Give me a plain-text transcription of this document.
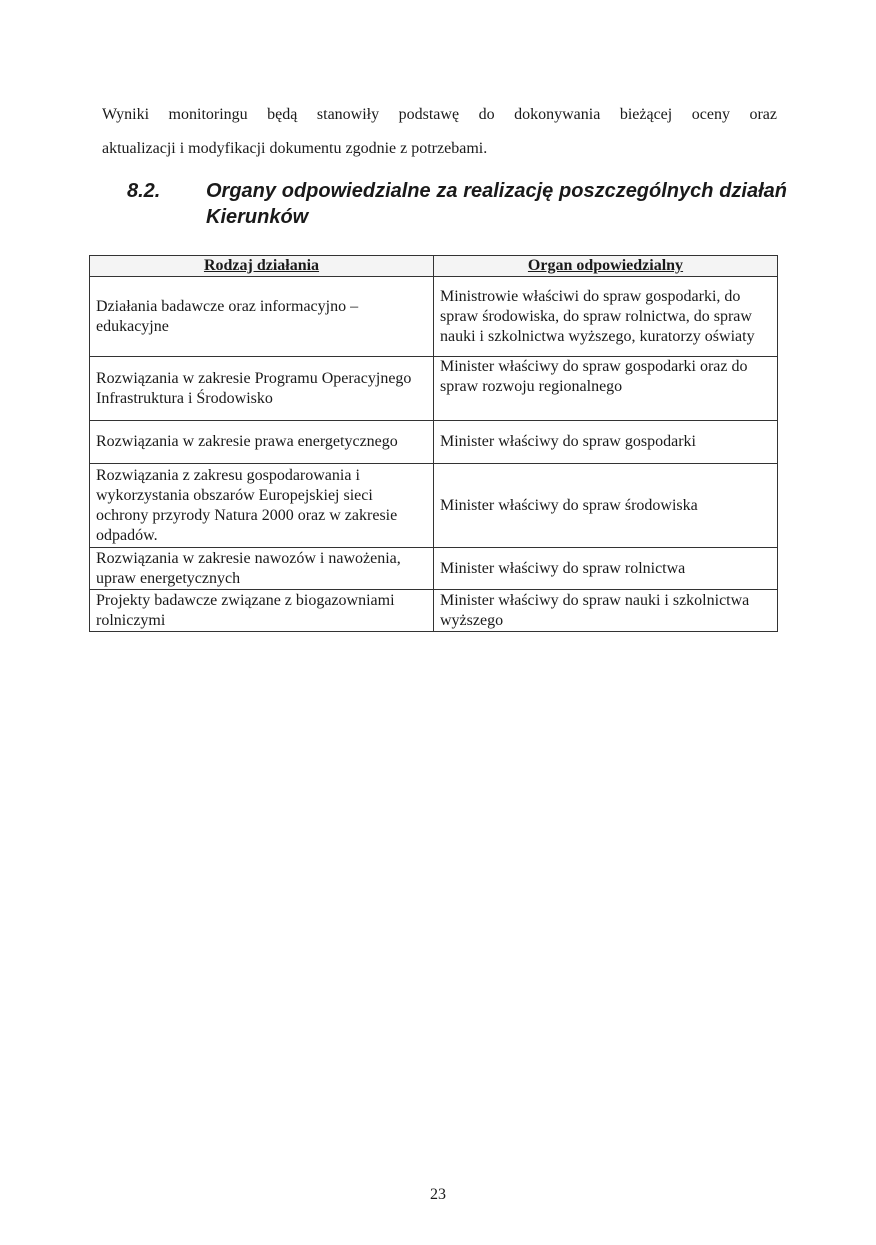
Wyniki monitoringu będą stanowiły podstawę do dokonywania bieżącej oceny oraz
aktualizacji i modyfikacji dokumentu zgodnie z potrzebami.
8.2. Organy odpowiedzialne za realizację poszczególnych działań Kierunków
Rodzaj działania	Organ odpowiedzialny
Działania badawcze oraz informacyjno – edukacyjne	Ministrowie właściwi do spraw gospodarki, do spraw środowiska, do spraw rolnictwa, do spraw nauki i szkolnictwa wyższego, kuratorzy oświaty
Rozwiązania w zakresie Programu Operacyjnego Infrastruktura i Środowisko	Minister właściwy do spraw gospodarki oraz do spraw rozwoju regionalnego
Rozwiązania w zakresie prawa energetycznego	Minister właściwy do spraw gospodarki
Rozwiązania z zakresu gospodarowania i wykorzystania obszarów Europejskiej sieci ochrony przyrody Natura 2000 oraz w zakresie odpadów.	Minister właściwy do spraw środowiska
Rozwiązania w zakresie nawozów i nawożenia, upraw energetycznych	Minister właściwy do spraw rolnictwa
Projekty badawcze związane z biogazowniami rolniczymi	Minister właściwy do spraw nauki i szkolnictwa wyższego
23
